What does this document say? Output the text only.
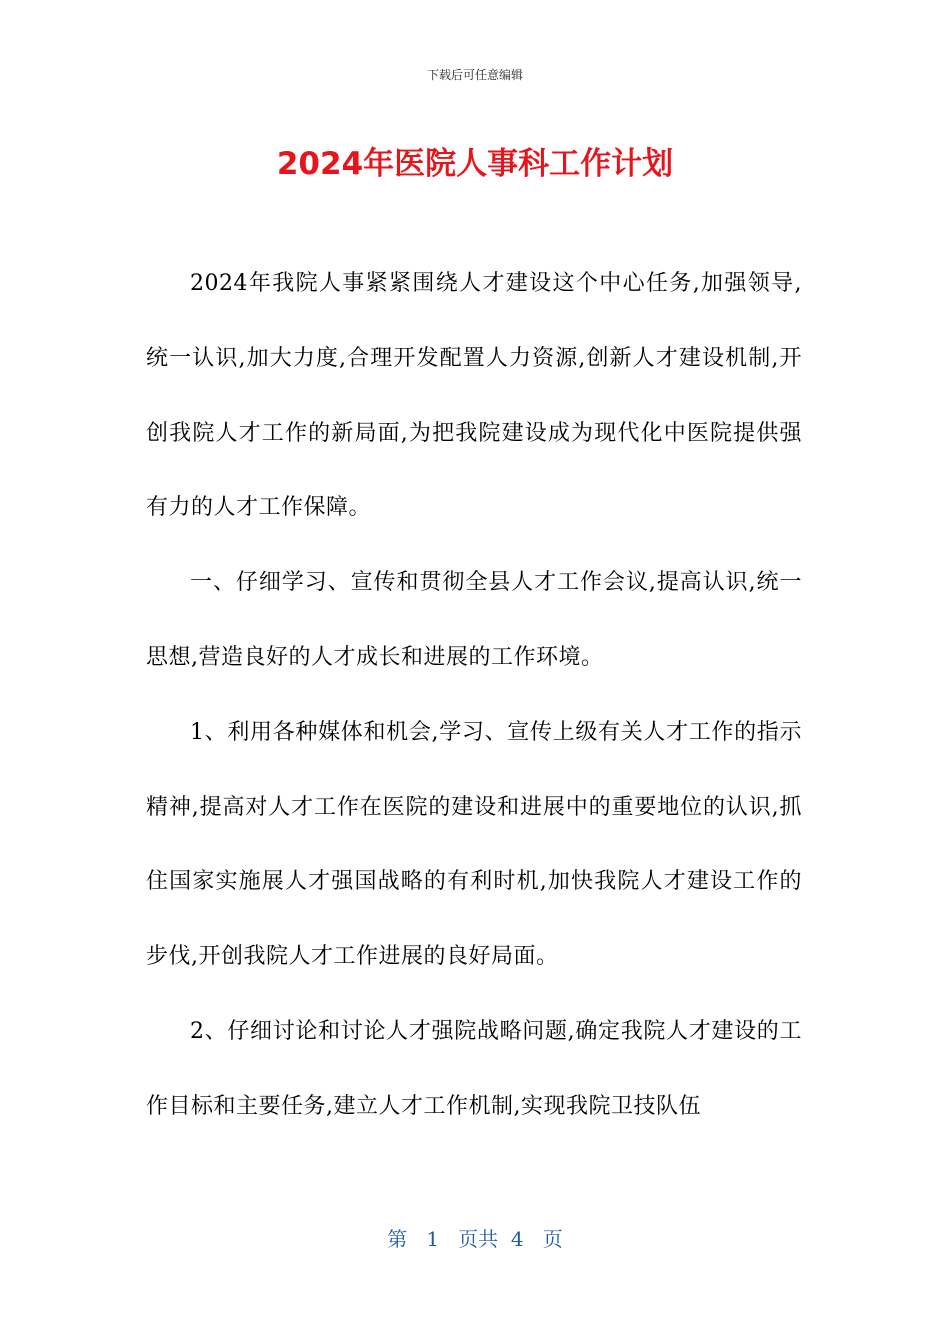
下载后可任意编辑
2024年医院人事科工作计划

2024年我院人事紧紧围绕人才建设这个中心任务,加强领导,统一认识,加大力度,合理开发配置人力资源,创新人才建设机制,开创我院人才工作的新局面,为把我院建设成为现代化中医院提供强有力的人才工作保障。

一、仔细学习、宣传和贯彻全县人才工作会议,提高认识,统一思想,营造良好的人才成长和进展的工作环境。

1、利用各种媒体和机会,学习、宣传上级有关人才工作的指示精神,提高对人才工作在医院的建设和进展中的重要地位的认识,抓住国家实施展人才强国战略的有利时机,加快我院人才建设工作的步伐,开创我院人才工作进展的良好局面。

2、仔细讨论和讨论人才强院战略问题,确定我院人才建设的工作目标和主要任务,建立人才工作机制,实现我院卫技队伍

第 1 页共 4 页
